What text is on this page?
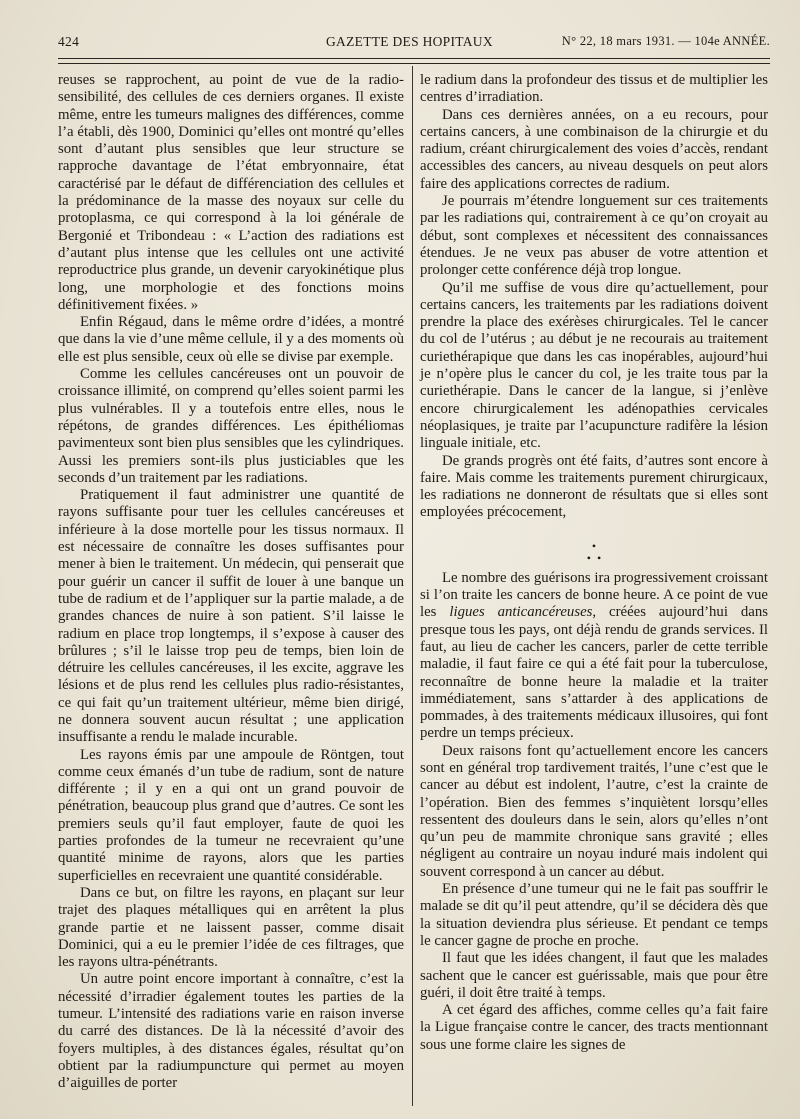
424	GAZETTE DES HOPITAUX	N° 22, 18 mars 1931. — 104e ANNÉE.

reuses se rapprochent, au point de vue de la radio-sensibilité, des cellules de ces derniers organes. Il existe même, entre les tumeurs malignes des différences, comme l’a établi, dès 1900, Dominici qu’elles ont montré qu’elles sont d’autant plus sensibles que leur structure se rapproche davantage de l’état embryonnaire, état caractérisé par le défaut de différenciation des cellules et la prédominance de la masse des noyaux sur celle du protoplasma, ce qui correspond à la loi générale de Bergonié et Tribondeau : « L’action des radiations est d’autant plus intense que les cellules ont une activité reproductrice plus grande, un devenir caryokinétique plus long, une morphologie et des fonctions moins définitivement fixées. »

Enfin Régaud, dans le même ordre d’idées, a montré que dans la vie d’une même cellule, il y a des moments où elle est plus sensible, ceux où elle se divise par exemple.

Comme les cellules cancéreuses ont un pouvoir de croissance illimité, on comprend qu’elles soient parmi les plus vulnérables. Il y a toutefois entre elles, nous le répétons, de grandes différences. Les épithéliomas pavimenteux sont bien plus sensibles que les cylindriques. Aussi les premiers sont-ils plus justiciables que les seconds d’un traitement par les radiations.

Pratiquement il faut administrer une quantité de rayons suffisante pour tuer les cellules cancéreuses et inférieure à la dose mortelle pour les tissus normaux. Il est nécessaire de connaître les doses suffisantes pour mener à bien le traitement. Un médecin, qui penserait que pour guérir un cancer il suffit de louer à une banque un tube de radium et de l’appliquer sur la partie malade, a de grandes chances de nuire à son patient. S’il laisse le radium en place trop longtemps, il s’expose à causer des brûlures ; s’il le laisse trop peu de temps, bien loin de détruire les cellules cancéreuses, il les excite, aggrave les lésions et de plus rend les cellules plus radio-résistantes, ce qui fait qu’un traitement ultérieur, même bien dirigé, ne donnera souvent aucun résultat ; une application insuffisante a rendu le malade incurable.

Les rayons émis par une ampoule de Röntgen, tout comme ceux émanés d’un tube de radium, sont de nature différente ; il y en a qui ont un grand pouvoir de pénétration, beaucoup plus grand que d’autres. Ce sont les premiers seuls qu’il faut employer, faute de quoi les parties profondes de la tumeur ne recevraient qu’une quantité minime de rayons, alors que les parties superficielles en recevraient une quantité considérable.

Dans ce but, on filtre les rayons, en plaçant sur leur trajet des plaques métalliques qui en arrêtent la plus grande partie et ne laissent passer, comme disait Dominici, qui a eu le premier l’idée de ces filtrages, que les rayons ultra-pénétrants.

Un autre point encore important à connaître, c’est la nécessité d’irradier également toutes les parties de la tumeur. L’intensité des radiations varie en raison inverse du carré des distances. De là la nécessité d’avoir des foyers multiples, à des distances égales, résultat qu’on obtient par la radiumpuncture qui permet au moyen d’aiguilles de porter

le radium dans la profondeur des tissus et de multiplier les centres d’irradiation.

Dans ces dernières années, on a eu recours, pour certains cancers, à une combinaison de la chirurgie et du radium, créant chirurgicalement des voies d’accès, rendant accessibles des cancers, au niveau desquels on peut alors faire des applications correctes de radium.

Je pourrais m’étendre longuement sur ces traitements par les radiations qui, contrairement à ce qu’on croyait au début, sont complexes et nécessitent des connaissances étendues. Je ne veux pas abuser de votre attention et prolonger cette conférence déjà trop longue.

Qu’il me suffise de vous dire qu’actuellement, pour certains cancers, les traitements par les radiations doivent prendre la place des exérèses chirurgicales. Tel le cancer du col de l’utérus ; au début je ne recourais au traitement curiethérapique que dans les cas inopérables, aujourd’hui je n’opère plus le cancer du col, je les traite tous par la curiethérapie. Dans le cancer de la langue, si j’enlève encore chirurgicalement les adénopathies cervicales néoplasiques, je traite par l’acupuncture radifère la lésion linguale initiale, etc.

De grands progrès ont été faits, d’autres sont encore à faire. Mais comme les traitements purement chirurgicaux, les radiations ne donneront de résultats que si elles sont employées précocement,

•
•  •

Le nombre des guérisons ira progressivement croissant si l’on traite les cancers de bonne heure. A ce point de vue les ligues anticancéreuses, créées aujourd’hui dans presque tous les pays, ont déjà rendu de grands services. Il faut, au lieu de cacher les cancers, parler de cette terrible maladie, il faut faire ce qui a été fait pour la tuberculose, reconnaître de bonne heure la maladie et la traiter immédiatement, sans s’attarder à des applications de pommades, à des traitements médicaux illusoires, qui font perdre un temps précieux.

Deux raisons font qu’actuellement encore les cancers sont en général trop tardivement traités, l’une c’est que le cancer au début est indolent, l’autre, c’est la crainte de l’opération. Bien des femmes s’inquiètent lorsqu’elles ressentent des douleurs dans le sein, alors qu’elles n’ont qu’un peu de mammite chronique sans gravité ; elles négligent au contraire un noyau induré mais indolent qui souvent correspond à un cancer au début.

En présence d’une tumeur qui ne le fait pas souffrir le malade se dit qu’il peut attendre, qu’il se décidera dès que la situation deviendra plus sérieuse. Et pendant ce temps le cancer gagne de proche en proche.

Il faut que les idées changent, il faut que les malades sachent que le cancer est guérissable, mais que pour être guéri, il doit être traité à temps.

A cet égard des affiches, comme celles qu’a fait faire la Ligue française contre le cancer, des tracts mentionnant sous une forme claire les signes de
